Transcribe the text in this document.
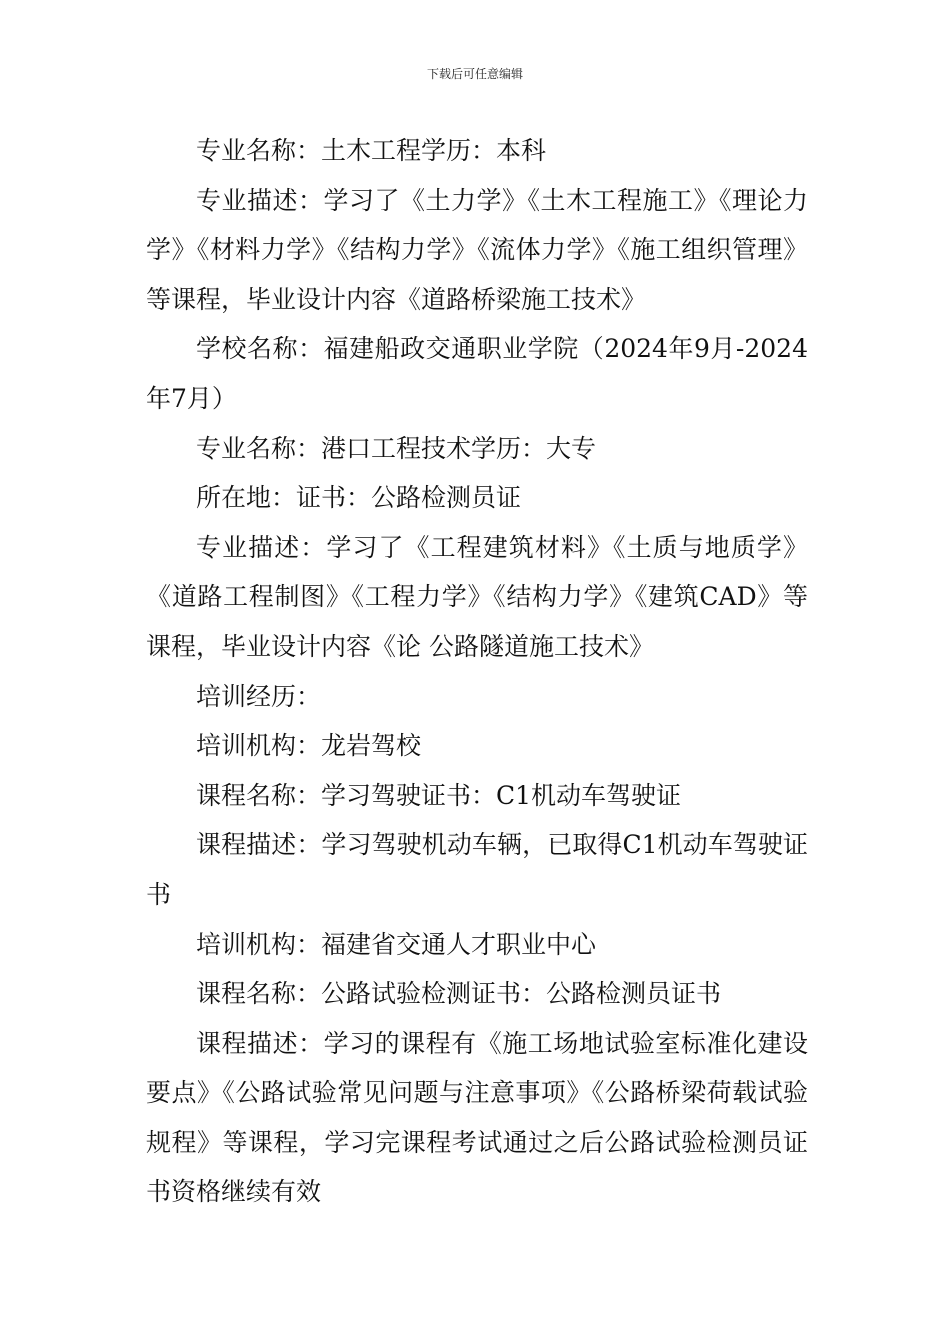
下载后可任意编辑

专业名称：土木工程学历：本科

专业描述：学习了《土力学》《土木工程施工》《理论力学》《材料力学》《结构力学》《流体力学》《施工组织管理》等课程，毕业设计内容《道路桥梁施工技术》

学校名称：福建船政交通职业学院（2024年9月-2024年7月）

专业名称：港口工程技术学历：大专

所在地：证书：公路检测员证

专业描述：学习了《工程建筑材料》《土质与地质学》《道路工程制图》《工程力学》《结构力学》《建筑CAD》等课程，毕业设计内容《论 公路隧道施工技术》

培训经历：

培训机构：龙岩驾校

课程名称：学习驾驶证书：C1机动车驾驶证

课程描述：学习驾驶机动车辆，已取得C1机动车驾驶证书

培训机构：福建省交通人才职业中心

课程名称：公路试验检测证书：公路检测员证书

课程描述：学习的课程有《施工场地试验室标准化建设要点》《公路试验常见问题与注意事项》《公路桥梁荷载试验规程》等课程，学习完课程考试通过之后公路试验检测员证书资格继续有效
